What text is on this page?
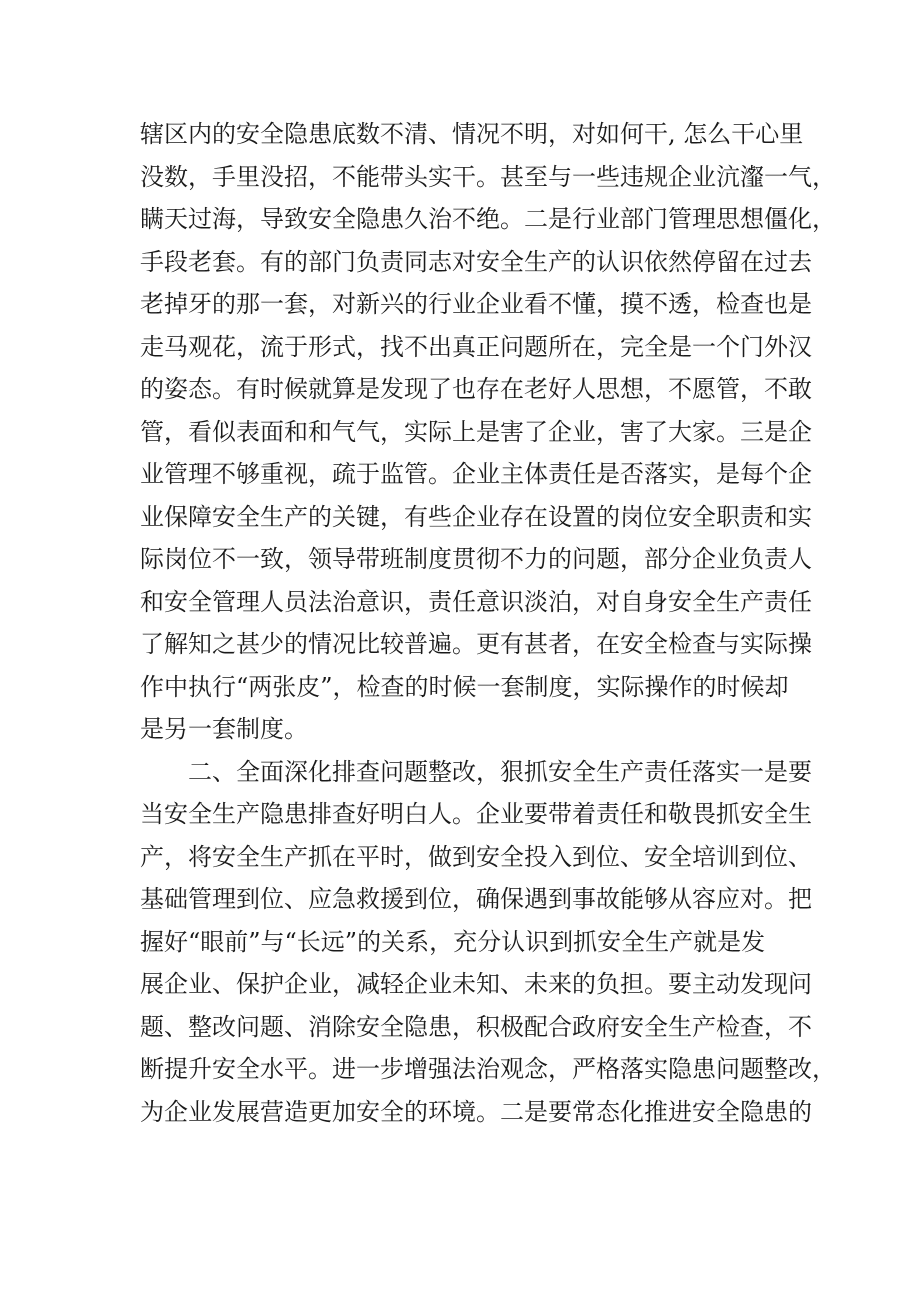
辖区内的安全隐患底数不清、情况不明，对如何干, 怎么干心里
没数，手里没招，不能带头实干。甚至与一些违规企业沆瀣一气，
瞒天过海，导致安全隐患久治不绝。二是行业部门管理思想僵化，
手段老套。有的部门负责同志对安全生产的认识依然停留在过去
老掉牙的那一套，对新兴的行业企业看不懂，摸不透，检查也是
走马观花，流于形式，找不出真正问题所在，完全是一个门外汉
的姿态。有时候就算是发现了也存在老好人思想，不愿管，不敢
管，看似表面和和气气，实际上是害了企业，害了大家。三是企
业管理不够重视，疏于监管。企业主体责任是否落实，是每个企
业保障安全生产的关键，有些企业存在设置的岗位安全职责和实
际岗位不一致，领导带班制度贯彻不力的问题，部分企业负责人
和安全管理人员法治意识，责任意识淡泊，对自身安全生产责任
了解知之甚少的情况比较普遍。更有甚者，在安全检查与实际操
作中执行“两张皮”，检查的时候一套制度，实际操作的时候却
是另一套制度。
二、全面深化排查问题整改，狠抓安全生产责任落实一是要
当安全生产隐患排查好明白人。企业要带着责任和敬畏抓安全生
产，将安全生产抓在平时，做到安全投入到位、安全培训到位、
基础管理到位、应急救援到位，确保遇到事故能够从容应对。把
握好“眼前”与“长远”的关系，充分认识到抓安全生产就是发
展企业、保护企业，减轻企业未知、未来的负担。要主动发现问
题、整改问题、消除安全隐患，积极配合政府安全生产检查，不
断提升安全水平。进一步增强法治观念，严格落实隐患问题整改，
为企业发展营造更加安全的环境。二是要常态化推进安全隐患的
